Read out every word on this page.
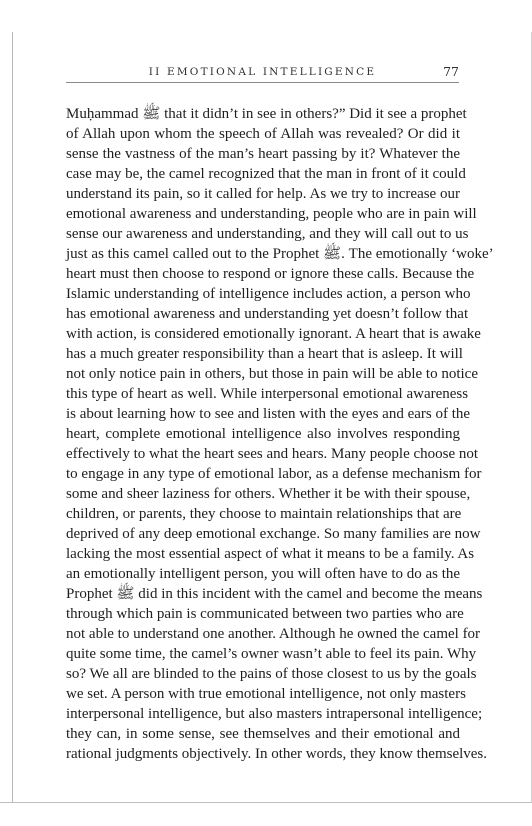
II EMOTIONAL INTELLIGENCE	77
Muḥammad ﷺ that it didn’t in see in others?” Did it see a prophet
of Allah upon whom the speech of Allah was revealed? Or did it
sense the vastness of the man’s heart passing by it? Whatever the
case may be, the camel recognized that the man in front of it could
understand its pain, so it called for help. As we try to increase our
emotional awareness and understanding, people who are in pain will
sense our awareness and understanding, and they will call out to us
just as this camel called out to the Prophet ﷺ. The emotionally ‘woke’
heart must then choose to respond or ignore these calls. Because the
Islamic understanding of intelligence includes action, a person who
has emotional awareness and understanding yet doesn’t follow that
with action, is considered emotionally ignorant. A heart that is awake
has a much greater responsibility than a heart that is asleep. It will
not only notice pain in others, but those in pain will be able to notice
this type of heart as well. While interpersonal emotional awareness
is about learning how to see and listen with the eyes and ears of the
heart, complete emotional intelligence also involves responding
effectively to what the heart sees and hears. Many people choose not
to engage in any type of emotional labor, as a defense mechanism for
some and sheer laziness for others. Whether it be with their spouse,
children, or parents, they choose to maintain relationships that are
deprived of any deep emotional exchange. So many families are now
lacking the most essential aspect of what it means to be a family. As
an emotionally intelligent person, you will often have to do as the
Prophet ﷺ did in this incident with the camel and become the means
through which pain is communicated between two parties who are
not able to understand one another. Although he owned the camel for
quite some time, the camel’s owner wasn’t able to feel its pain. Why
so? We all are blinded to the pains of those closest to us by the goals
we set. A person with true emotional intelligence, not only masters
interpersonal intelligence, but also masters intrapersonal intelligence;
they can, in some sense, see themselves and their emotional and
rational judgments objectively. In other words, they know themselves.
